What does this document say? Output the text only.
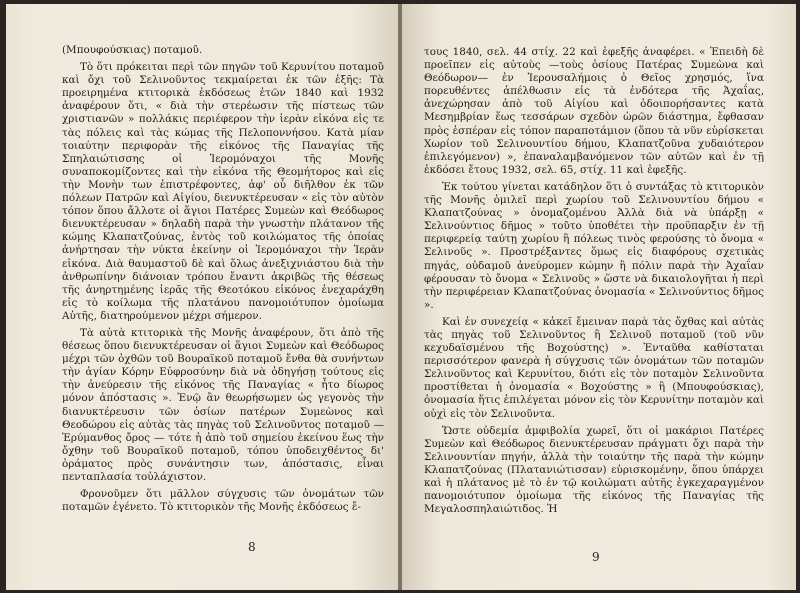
(Μπουφούσκιας) ποταμοῦ.

Τὸ ὅτι πρόκειται περὶ τῶν πηγῶν τοῦ Κερυνίτου ποταμοῦ καὶ ὄχι τοῦ Σελινοῦντος τεκμαίρεται ἐκ τῶν ἑξῆς: Τὰ προειρημένα κτιτορικὰ ἐκδόσεως ἐτῶν 1840 καὶ 1932 ἀναφέρουν ὅτι, « διὰ τὴν στερέωσιν τῆς πίστεως τῶν χριστιανῶν » πολλάκις περιέφερον τὴν ἱερὰν εἰκόνα εἰς τε τὰς πόλεις καὶ τὰς κώμας τῆς Πελοποννήσου. Κατὰ μίαν τοιαύτην περιφορὰν τῆς εἰκόνος τῆς Παναγίας τῆς Σπηλαιώτισσης οἱ Ἱερομόναχοι τῆς Μονῆς συναποκομίζοντες καὶ τὴν εἰκόνα τῆς Θεομήτορος καὶ εἰς τὴν Μονὴν των ἐπιστρέφοντες, ἀφ' οὗ διῆλθον ἐκ τῶν πόλεων Πατρῶν καὶ Αἰγίου, διενυκτέρευσαν « εἰς τὸν αὐτὸν τόπον ὅπου ἄλλοτε οἱ ἅγιοι Πατέρες Συμεὼν καὶ Θεόδωρος διενυκτέρευσαν » δηλαδὴ παρὰ τὴν γνωστὴν πλάτανον τῆς κώμης Κλαπατζούνας, ἐντὸς τοῦ κοιλώματος τῆς ὁποίας ἀνήρτησαν τὴν νύκτα ἐκείνην οἱ Ἱερομόναχοι τὴν Ἱερὰν εἰκόνα. Διὰ θαυμαστοῦ δὲ καὶ ὅλως ἀνεξιχνιάστου διὰ τὴν ἀνθρωπίνην διάνοιαν τρόπου ἔναντι ἀκριβῶς τῆς θέσεως τῆς ἀνηρτημένης ἱερᾶς τῆς Θεοτόκου εἰκόνος ἐνεχαράχθη εἰς τὸ κοίλωμα τῆς πλατάνου πανομοιότυπον ὁμοίωμα Αὐτῆς, διατηρούμενον μέχρι σήμερον.

Τὰ αὐτὰ κτιτορικὰ τῆς Μονῆς ἀναφέρουν, ὅτι ἀπὸ τῆς θέσεως ὅπου διενυκτέρευσαν οἱ ἅγιοι Συμεὼν καὶ Θεόδωρος μέχρι τῶν ὀχθῶν τοῦ Βουραϊκοῦ ποταμοῦ ἔνθα θὰ συνήντων τὴν ἁγίαν Κόρην Εὐφροσύνην διὰ νὰ ὁδηγήσῃ τούτους εἰς τὴν ἀνεύρεσιν τῆς εἰκόνος τῆς Παναγίας « ἦτο δίωρος μόνον ἀπόστασις ». Ἐνῷ ἂν θεωρήσωμεν ὡς γεγονὸς τὴν διανυκτέρευσιν τῶν ὁσίων πατέρων Συμεὼνος καὶ Θεοδώρου εἰς αὐτὰς τὰς πηγὰς τοῦ Σελινοῦντος ποταμοῦ — Ἐρύμανθος ὄρος — τότε ἡ ἀπὸ τοῦ σημείου ἐκείνου ἕως τὴν ὄχθην τοῦ Βουραϊκοῦ ποταμοῦ, τόπου ὑποδειχθέντος δι' ὁράματος πρὸς συνάντησιν των, ἀπόστασις, εἶναι πενταπλασία τοὐλάχιστον.

Φρονοῦμεν ὅτι μᾶλλον σύγχυσις τῶν ὀνομάτων τῶν ποταμῶν ἐγένετο. Τὸ κτιτορικὸν τῆς Μονῆς ἐκδόσεως ἔ-

8

τους 1840, σελ. 44 στίχ. 22 καὶ ἑφεξῆς ἀναφέρει. « Ἐπειδὴ δὲ προεῖπεν εἰς αὐτοὺς —τοὺς ὁσίους Πατέρας Συμεὼνα καὶ Θεόδωρον— ἐν Ἱερουσαλήμοις ὁ Θεῖος χρησμός, ἵνα πορευθέντες ἀπέλθωσιν εἰς τὰ ἐνδότερα τῆς Ἀχαΐας, ἀνεχώρησαν ἀπὸ τοῦ Αἰγίου καὶ ὁδοιπορήσαντες κατὰ Μεσημβρίαν ἕως τεσσάρων σχεδὸν ὡρῶν διάστημα, ἔφθασαν πρὸς ἑσπέραν εἰς τόπον παραποτάμιον (ὅπου τὰ νῦν εὑρίσκεται Χωρίον τοῦ Σελινουντίου δήμου, Κλαπατζοῦνα χυδαιότερον ἐπιλεγόμενον) », ἐπαναλαμβανόμενον τῶν αὐτῶν καὶ ἐν τῇ ἐκδόσει ἔτους 1932, σελ. 65, στίχ. 11 καὶ ἑφεξῆς.

Ἐκ τούτου γίνεται κατάδηλον ὅτι ὁ συντάξας τὸ κτιτορικὸν τῆς Μονῆς ὁμιλεῖ περὶ χωρίου τοῦ Σελινουντίου δήμου « Κλαπατζούνας » ὀνομαζομένου Ἀλλὰ διὰ νὰ ὑπάρξῃ « Σελινούντιος δῆμος » τοῦτο ὑποθέτει τὴν προϋπαρξιν ἐν τῇ περιφερείᾳ ταύτῃ χωρίου ἢ πόλεως τινὸς φερούσης τὸ ὄνομα « Σελινοῦς ». Προστρέξαντες ὅμως εἰς διαφόρους σχετικὰς πηγάς, οὐδαμοῦ ἀνεύρομεν κώμην ἢ πόλιν παρὰ τὴν Ἀχαΐαν φέρουσαν τὸ ὄνομα « Σελινοῦς » ὥστε νὰ δικαιολογῆται ἡ περὶ τὴν περιφέρειαν Κλαπατζούνας ὀνομασία « Σελινούντιος δῆμος ».

Καὶ ἐν συνεχείᾳ « κἀκεῖ ἔμειναν παρὰ τὰς ὄχθας καὶ αὐτὰς τὰς πηγὰς τοῦ Σελινοῦντος ἢ Σελινοῦ ποταμοῦ (τοῦ νῦν κεχυδαϊσμένου τῆς Βοχούστης) ». Ἐνταῦθα καθίσταται περισσότερον φανερὰ ἡ σύγχυσις τῶν ὀνομάτων τῶν ποταμῶν Σελινοῦντος καὶ Κερυνίτου, διότι εἰς τὸν ποταμὸν Σελινοῦντα προστίθεται ἡ ὀνομασία « Βοχούστης » ἢ (Μπουφούσκιας), ὀνομασία ἥτις ἐπιλέγεται μόνον εἰς τὸν Κερυνίτην ποταμὸν καὶ οὐχὶ εἰς τὸν Σελινοῦντα.

Ὥστε οὐδεμία ἀμφιβολία χωρεῖ, ὅτι οἱ μακάριοι Πατέρες Συμεὼν καὶ Θεόδωρος διενυκτέρευσαν πράγματι ὄχι παρὰ τὴν Σελινουντίαν πηγήν, ἀλλὰ τὴν τοιαύτην τῆς παρὰ τὴν κώμην Κλαπατζούνας (Πλατανιώτισσαν) εὑρισκομένην, ὅπου ὑπάρχει καὶ ἡ πλάτανος μὲ τὸ ἐν τῷ κοιλώματι αὐτῆς ἐγκεχαραγμένον πανομοιότυπον ὁμοίωμα τῆς εἰκόνος τῆς Παναγίας τῆς Μεγαλοσπηλαιώτιδος. Ἡ

9
